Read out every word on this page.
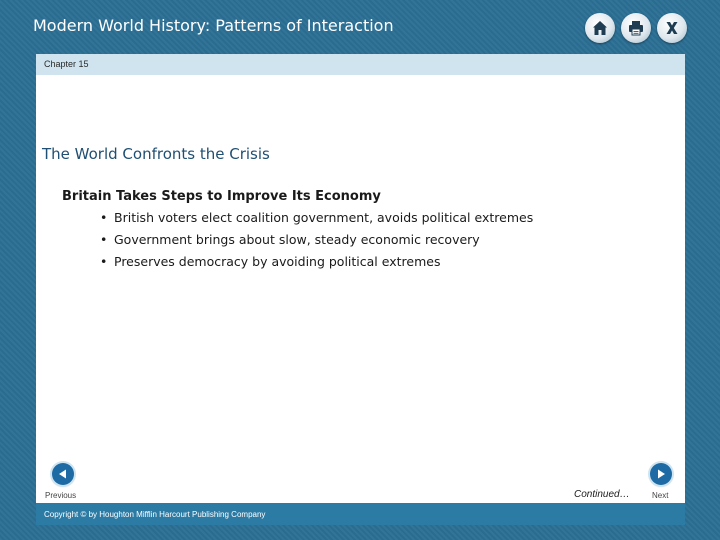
Modern World History: Patterns of Interaction
Chapter 15
The World Confronts the Crisis
Britain Takes Steps to Improve Its Economy
• British voters elect coalition government, avoids political extremes
• Government brings about slow, steady economic recovery
• Preserves democracy by avoiding political extremes
Previous	Continued…	Next
Copyright © by Houghton Mifflin Harcourt Publishing Company
